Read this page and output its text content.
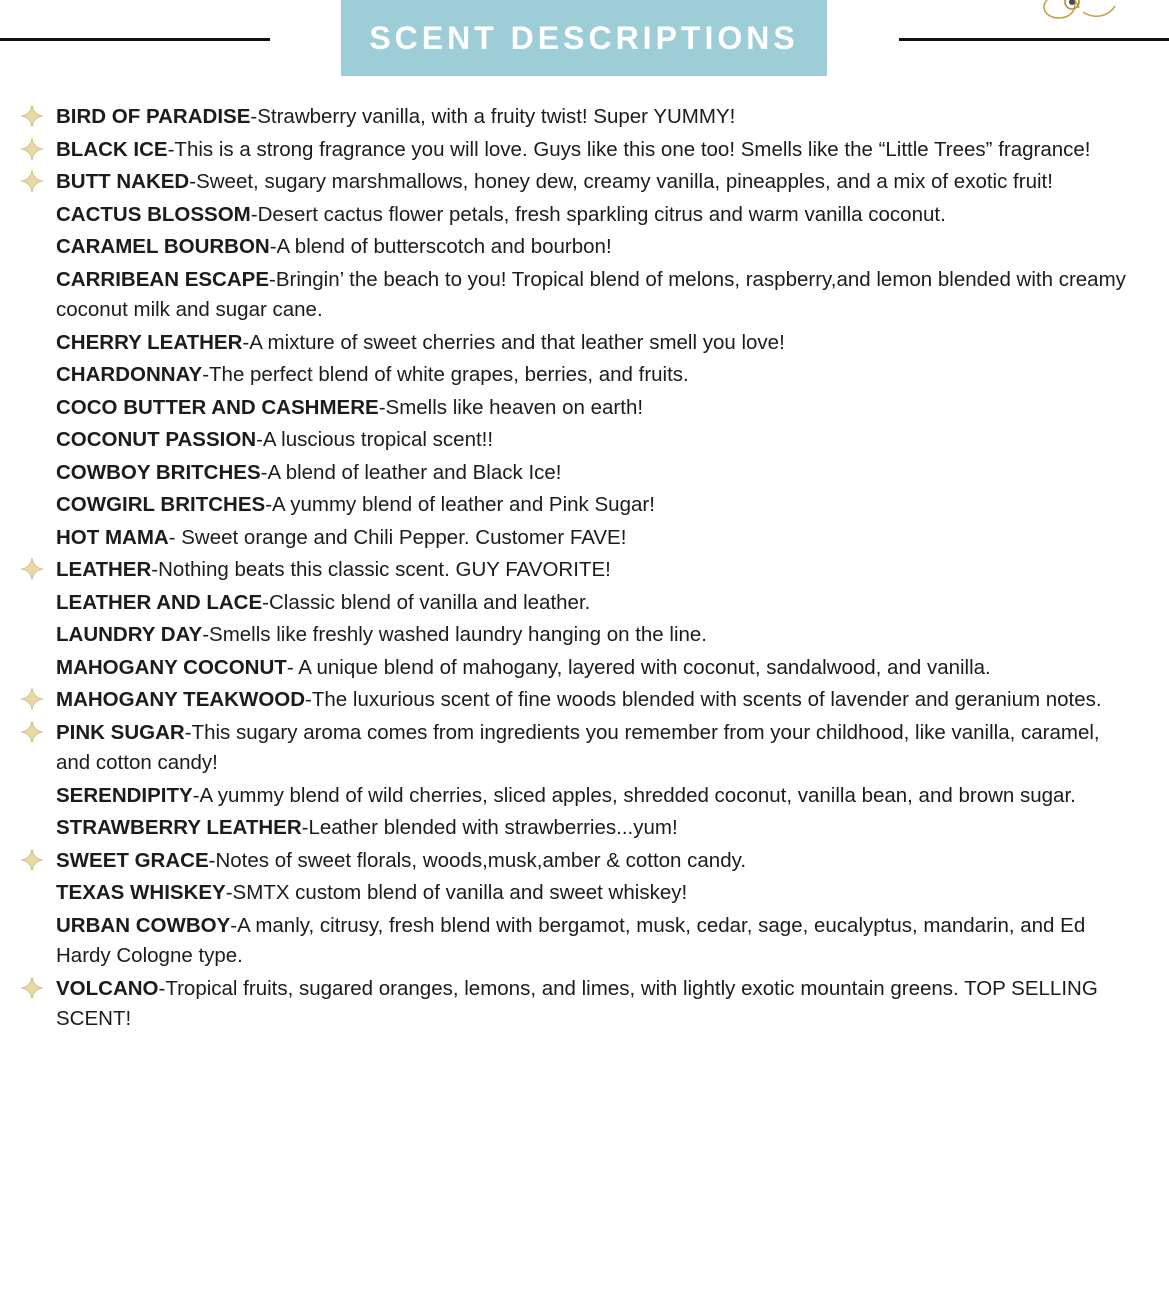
SCENT DESCRIPTIONS
BIRD OF PARADISE-Strawberry vanilla, with a fruity twist! Super YUMMY!
BLACK ICE-This is a strong fragrance you will love. Guys like this one too! Smells like the “Little Trees” fragrance!
BUTT NAKED-Sweet, sugary marshmallows, honey dew, creamy vanilla, pineapples, and a mix of exotic fruit!
CACTUS BLOSSOM-Desert cactus flower petals, fresh sparkling citrus and warm vanilla coconut.
CARAMEL BOURBON-A blend of butterscotch and bourbon!
CARRIBEAN ESCAPE-Bringin’ the beach to you! Tropical blend of melons, raspberry,and lemon blended with creamy coconut milk and sugar cane.
CHERRY LEATHER-A mixture of sweet cherries and that leather smell you love!
CHARDONNAY-The perfect blend of white grapes, berries, and fruits.
COCO BUTTER AND CASHMERE-Smells like heaven on earth!
COCONUT PASSION-A luscious tropical scent!!
COWBOY BRITCHES-A blend of leather and Black Ice!
COWGIRL BRITCHES-A yummy blend of leather and Pink Sugar!
HOT MAMA- Sweet orange and Chili Pepper. Customer FAVE!
LEATHER-Nothing beats this classic scent. GUY FAVORITE!
LEATHER AND LACE-Classic blend of vanilla and leather.
LAUNDRY DAY-Smells like freshly washed laundry hanging on the line.
MAHOGANY COCONUT- A unique blend of mahogany, layered with coconut, sandalwood, and vanilla.
MAHOGANY TEAKWOOD-The luxurious scent of fine woods blended with scents of lavender and geranium notes.
PINK SUGAR-This sugary aroma comes from ingredients you remember from your childhood, like vanilla, caramel, and cotton candy!
SERENDIPITY-A yummy blend of wild cherries, sliced apples, shredded coconut, vanilla bean, and brown sugar.
STRAWBERRY LEATHER-Leather blended with strawberries...yum!
SWEET GRACE-Notes of sweet florals, woods,musk,amber & cotton candy.
TEXAS WHISKEY-SMTX custom blend of vanilla and sweet whiskey!
URBAN COWBOY-A manly, citrusy, fresh blend with bergamot, musk, cedar, sage, eucalyptus, mandarin, and Ed Hardy Cologne type.
VOLCANO-Tropical fruits, sugared oranges, lemons, and limes, with lightly exotic mountain greens. TOP SELLING SCENT!
